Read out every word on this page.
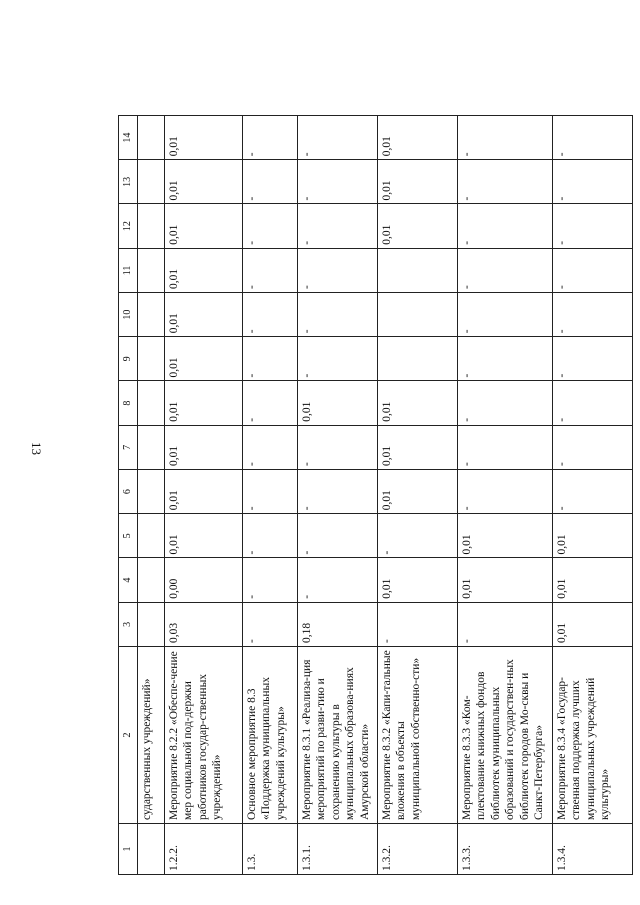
13
1	2	3	4	5	6	7	8	9	10	11	12	13	14
	сударственных учреждений»												
1.2.2.	Мероприятие 8.2.2 «Обеспе-чение мер социальной под-держки работников государ-ственных учреждений»	0,03	0,00	0,01	0,01	0,01	0,01	0,01	0,01	0,01	0,01	0,01	0,01
1.3.	Основное мероприятие 8.3 «Поддержка муниципальных учреждений культуры»	-	-	-	-	-	-	-	-	-	-	-	-
1.3.1.	Мероприятие 8.3.1 «Реализа-ция мероприятий по разви-тию и сохранению культуры в муниципальных образова-ниях Амурской области»	0,18	-	-	-	-	0,01	-	-	-	-	-	-
1.3.2.	Мероприятие 8.3.2 «Капи-тальные вложения в объекты муниципальной собственно-сти»	-	0,01	-	0,01	0,01	0,01				0,01	0,01	0,01
1.3.3.	Мероприятие 8.3.3 «Ком-плектование книжных фондов библиотек муниципальных образований и государствен-ных библиотек городов Мо-сквы и Санкт-Петербурга»	-	0,01	0,01	-	-	-	-	-	-	-	-	-
1.3.4.	Мероприятие 8.3.4 «Государ-ственная поддержка лучших муниципальных учреждений культуры»	0,01	0,01	0,01	-	-	-	-	-	-	-	-	-
